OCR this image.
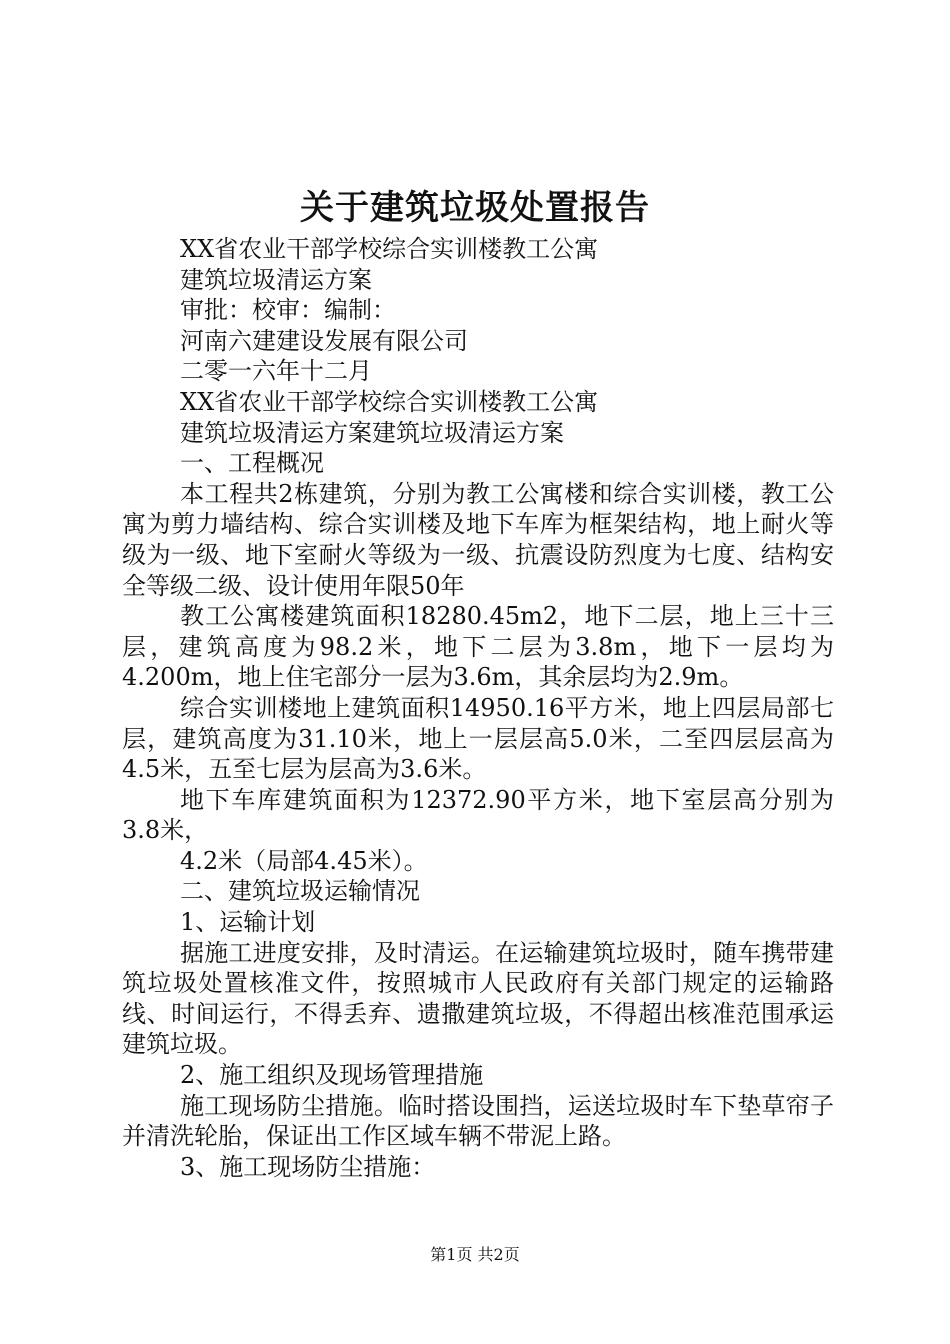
关于建筑垃圾处置报告

XX省农业干部学校综合实训楼教工公寓

建筑垃圾清运方案

审批：校审：编制：

河南六建建设发展有限公司

二零一六年十二月

XX省农业干部学校综合实训楼教工公寓

建筑垃圾清运方案建筑垃圾清运方案

一、工程概况

本工程共2栋建筑，分别为教工公寓楼和综合实训楼，教工公寓为剪力墙结构、综合实训楼及地下车库为框架结构，地上耐火等级为一级、地下室耐火等级为一级、抗震设防烈度为七度、结构安全等级二级、设计使用年限50年

教工公寓楼建筑面积18280.45m2，地下二层，地上三十三层，建筑高度为98.2米，地下二层为3.8m，地下一层均为4.200m，地上住宅部分一层为3.6m，其余层均为2.9m。

综合实训楼地上建筑面积14950.16平方米，地上四层局部七层，建筑高度为31.10米，地上一层层高5.0米，二至四层层高为4.5米，五至七层为层高为3.6米。

地下车库建筑面积为12372.90平方米，地下室层高分别为3.8米，

4.2米（局部4.45米）。

二、建筑垃圾运输情况

1、运输计划

据施工进度安排，及时清运。在运输建筑垃圾时，随车携带建筑垃圾处置核准文件，按照城市人民政府有关部门规定的运输路线、时间运行，不得丢弃、遗撒建筑垃圾，不得超出核准范围承运建筑垃圾。

2、施工组织及现场管理措施

施工现场防尘措施。临时搭设围挡，运送垃圾时车下垫草帘子并清洗轮胎，保证出工作区域车辆不带泥上路。

3、施工现场防尘措施：

第1页 共2页
